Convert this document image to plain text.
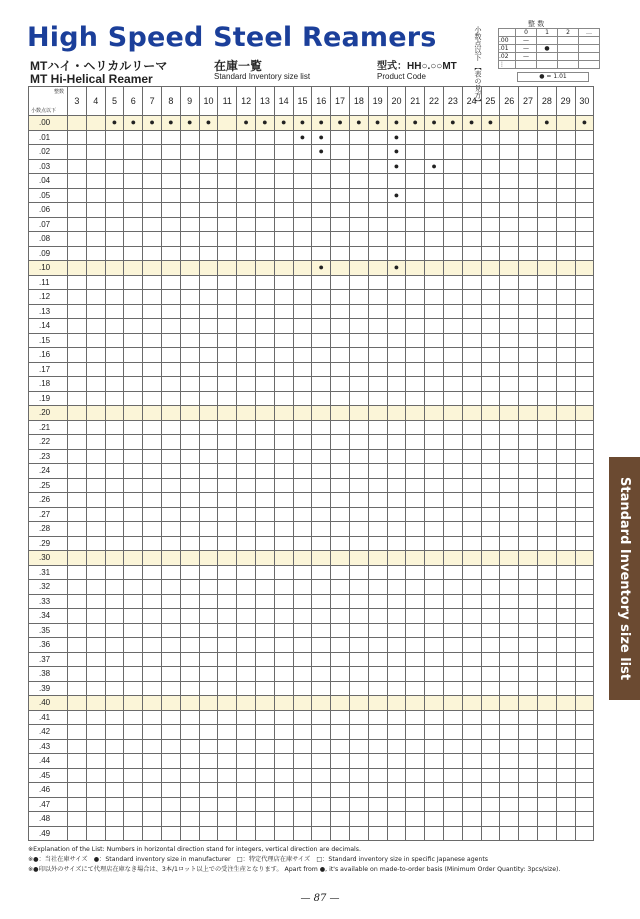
High Speed Steel Reamers
MTハイ・ヘリカルリーマ
MT Hi-Helical Reamer
在庫一覧
Standard Inventory size list
型式：HH○.○○MT
Product Code	小数点以下 【表の見方】
整 数
	0	1	2	…
.00	—			
.01	—	●		
.02	—			
⋮				
● = 1.01
整数
小数点以下	3	4	5	6	7	8	9	10	11	12	13	14	15	16	17	18	19	20	21	22	23	24	25	26	27	28	29	30
.00			●	●	●	●	●	●		●	●	●	●	●	●	●	●	●	●	●	●	●	●			●		●
.01													●	●				●										
.02														●				●										
.03																		●		●								
.04																												
.05																		●										
.06																												
.07																												
.08																												
.09																												
.10														●				●										
.11																												
.12																												
.13																												
.14																												
.15																												
.16																												
.17																												
.18																												
.19																												
.20																												
.21																												
.22																												
.23																												
.24																												
.25																												
.26																												
.27																												
.28																												
.29																												
.30																												
.31																												
.32																												
.33																												
.34																												
.35																												
.36																												
.37																												
.38																												
.39																												
.40																												
.41																												
.42																												
.43																												
.44																												
.45																												
.46																												
.47																												
.48																												
.49																												
Standard Inventory size list
※Explanation of the List: Numbers in horizontal direction stand for integers, vertical direction are decimals.
※●：当社在庫サイズ　●：Standard inventory size in manufacturer　□：特定代理店在庫サイズ　□：Standard inventory size in specific Japanese agents
※●印以外のサイズにて代理店在庫なき場合は、3本/1ロット以上での受注生産となります。 Apart from ●, it's available on made-to-order basis (Minimum Order Quantity: 3pcs/size).
— 87 —
